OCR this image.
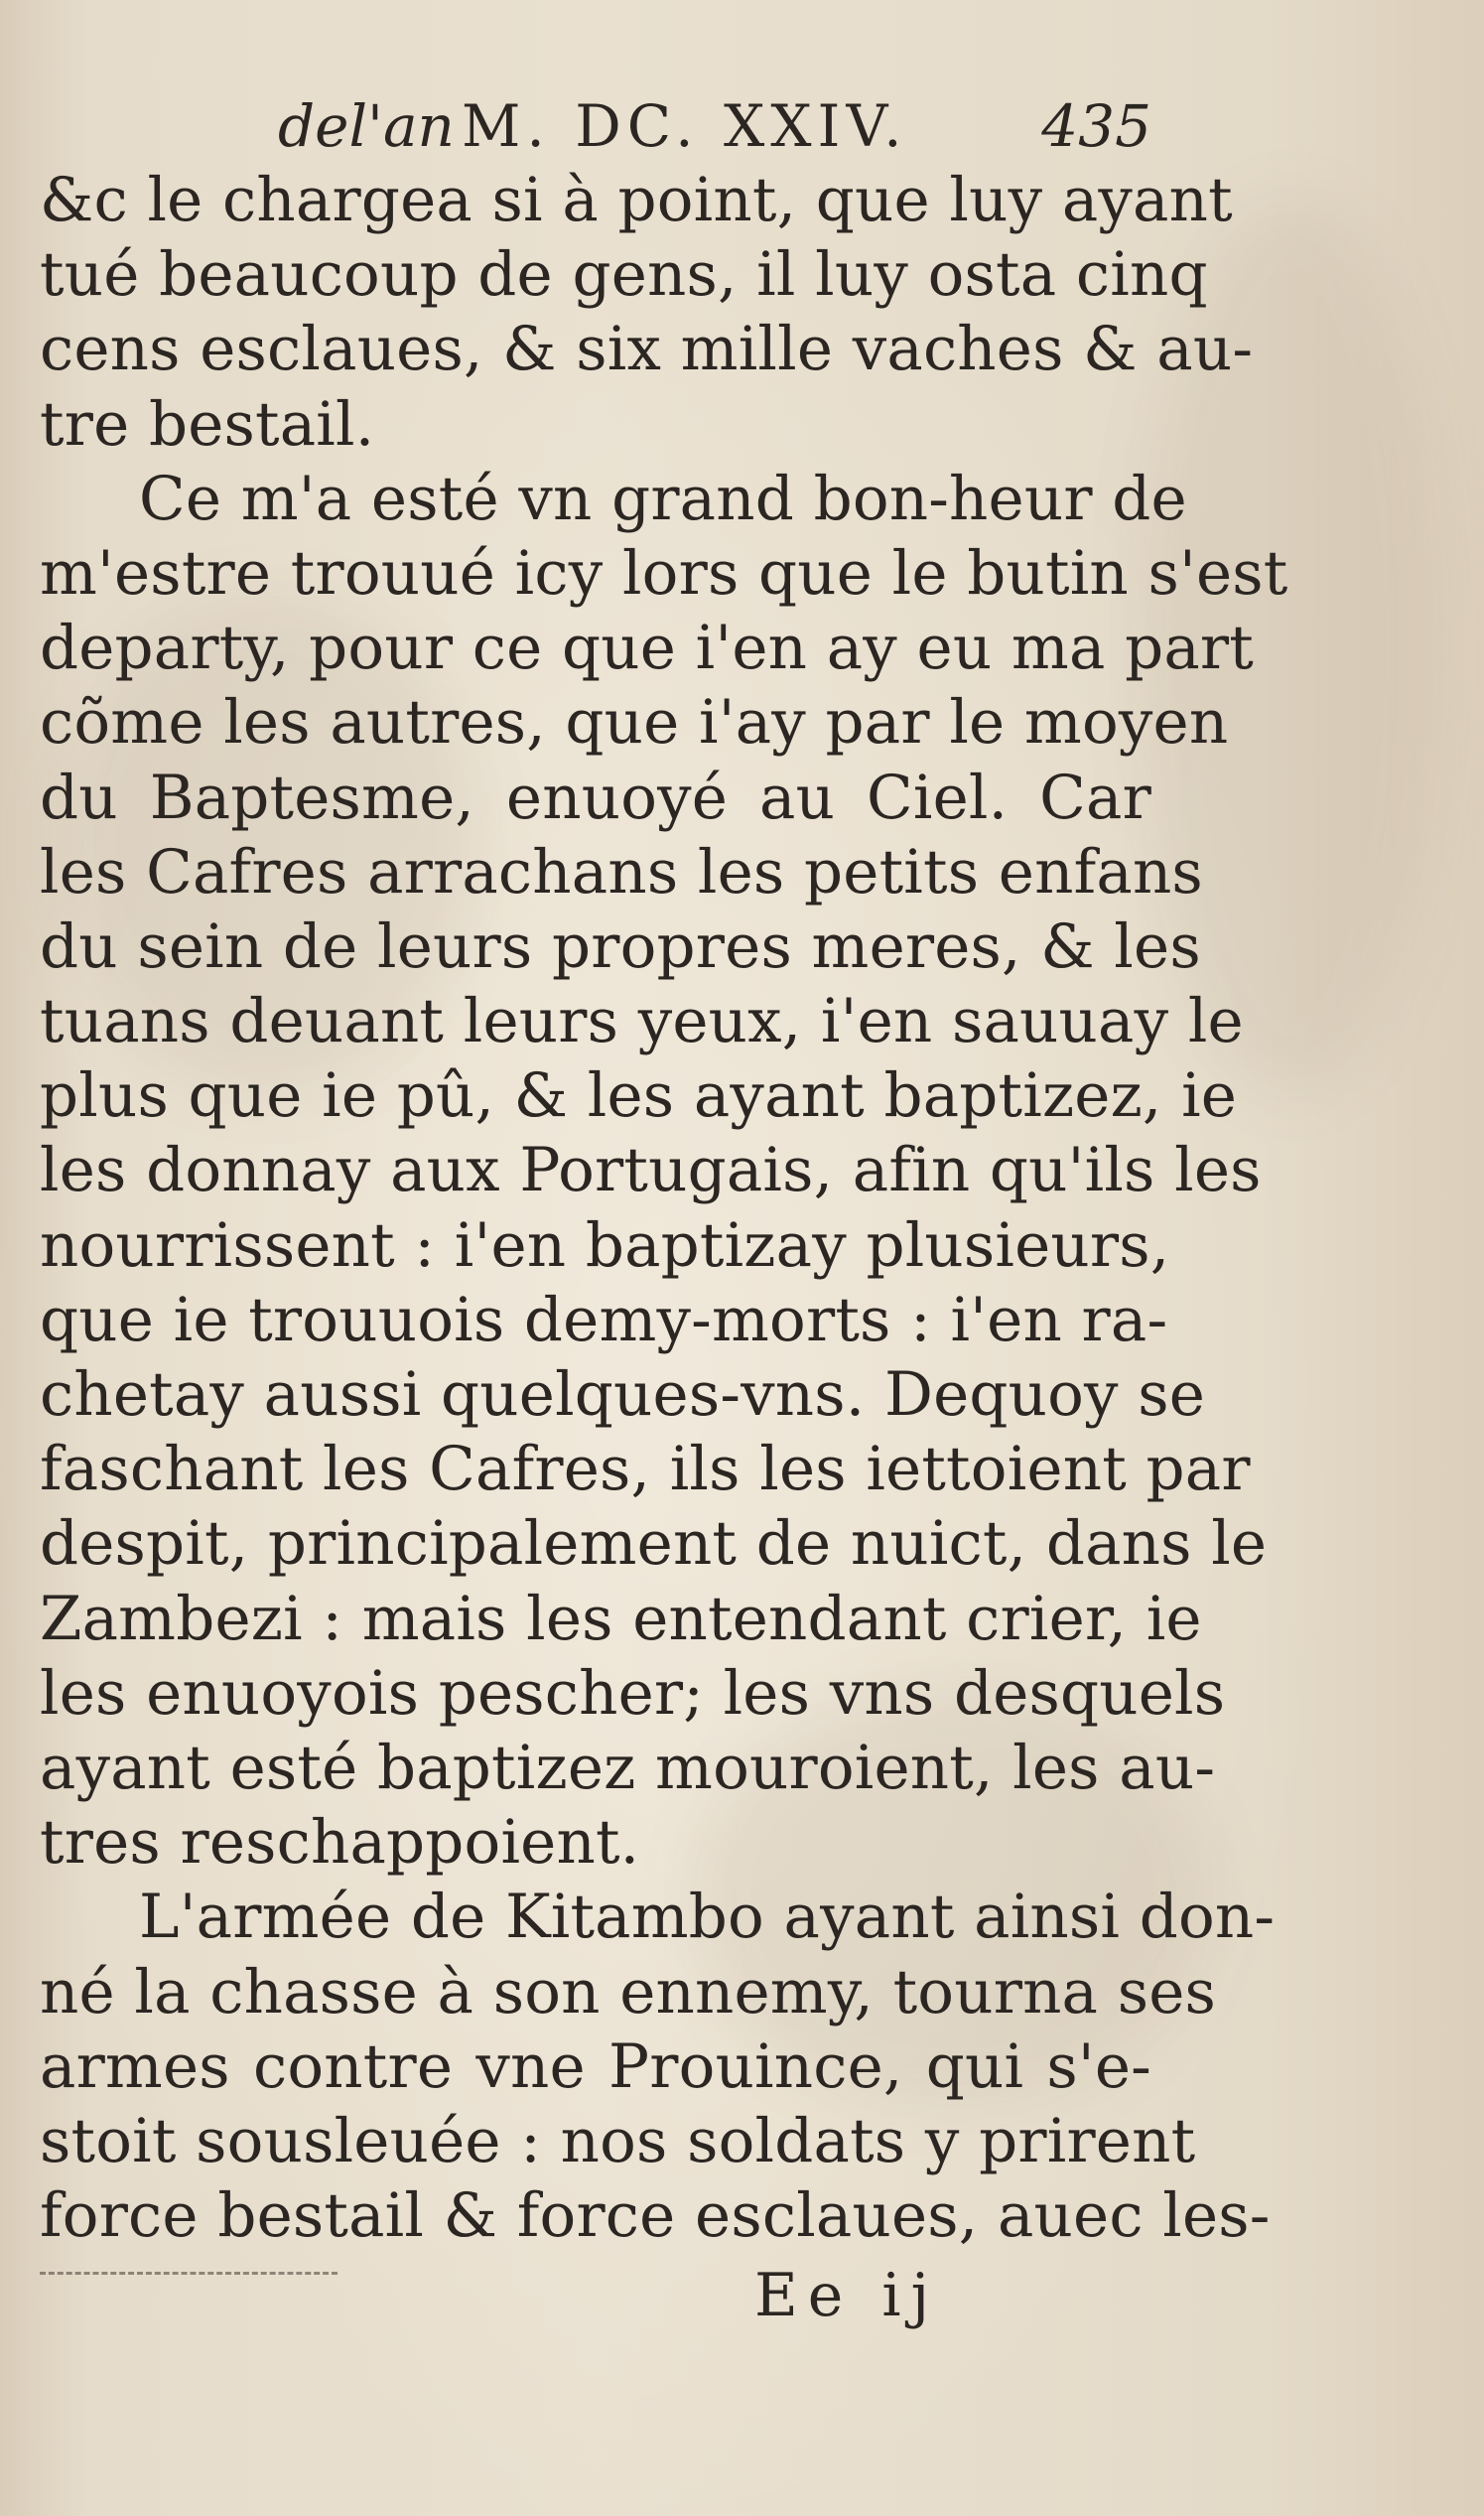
del'an M. DC. XXIV. 435
&c le chargea si à point, que luy ayant
tué beaucoup de gens, il luy osta cinq
cens esclaues, & six mille vaches & au-
tre bestail.
Ce m'a esté vn grand bon-heur de
m'estre trouué icy lors que le butin s'est
departy, pour ce que i'en ay eu ma part
cõme les autres, que i'ay par le moyen
du Baptesme, enuoyé au Ciel. Car
les Cafres arrachans les petits enfans
du sein de leurs propres meres, & les
tuans deuant leurs yeux, i'en sauuay le
plus que ie pû, & les ayant baptizez, ie
les donnay aux Portugais, afin qu'ils les
nourrissent : i'en baptizay plusieurs,
que ie trouuois demy-morts : i'en ra-
chetay aussi quelques-vns. Dequoy se
faschant les Cafres, ils les iettoient par
despit, principalement de nuict, dans le
Zambezi : mais les entendant crier, ie
les enuoyois pescher; les vns desquels
ayant esté baptizez mouroient, les au-
tres reschappoient.
L'armée de Kitambo ayant ainsi don-
né la chasse à son ennemy, tourna ses
armes contre vne Prouince, qui s'e-
stoit sousleuée : nos soldats y prirent
force bestail & force esclaues, auec les-
Ee ij
